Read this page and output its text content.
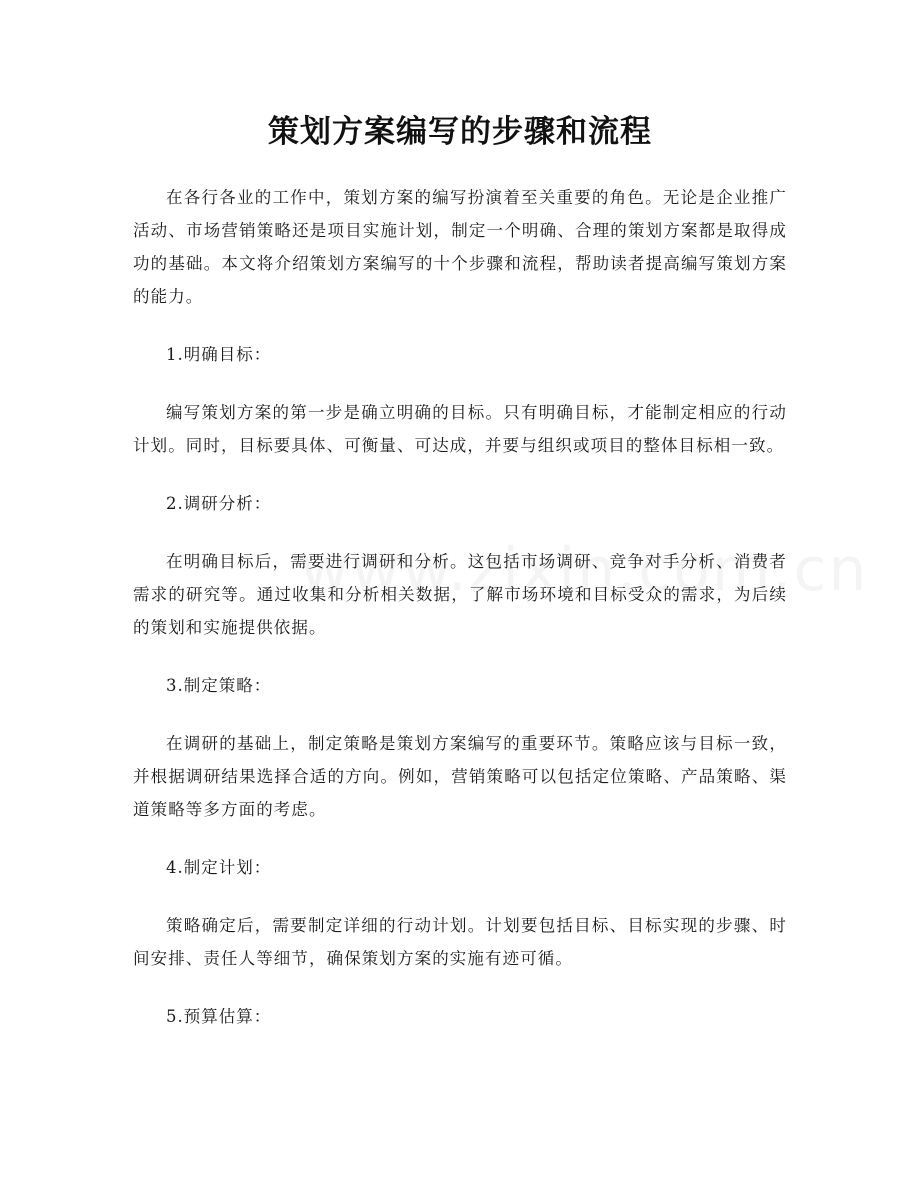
策划方案编写的步骤和流程

在各行各业的工作中，策划方案的编写扮演着至关重要的角色。无论是企业推广活动、市场营销策略还是项目实施计划，制定一个明确、合理的策划方案都是取得成功的基础。本文将介绍策划方案编写的十个步骤和流程，帮助读者提高编写策划方案的能力。

1.明确目标：

编写策划方案的第一步是确立明确的目标。只有明确目标，才能制定相应的行动计划。同时，目标要具体、可衡量、可达成，并要与组织或项目的整体目标相一致。

2.调研分析：

在明确目标后，需要进行调研和分析。这包括市场调研、竞争对手分析、消费者需求的研究等。通过收集和分析相关数据，了解市场环境和目标受众的需求，为后续的策划和实施提供依据。

3.制定策略：

在调研的基础上，制定策略是策划方案编写的重要环节。策略应该与目标一致，并根据调研结果选择合适的方向。例如，营销策略可以包括定位策略、产品策略、渠道策略等多方面的考虑。

4.制定计划：

策略确定后，需要制定详细的行动计划。计划要包括目标、目标实现的步骤、时间安排、责任人等细节，确保策划方案的实施有迹可循。

5.预算估算：
